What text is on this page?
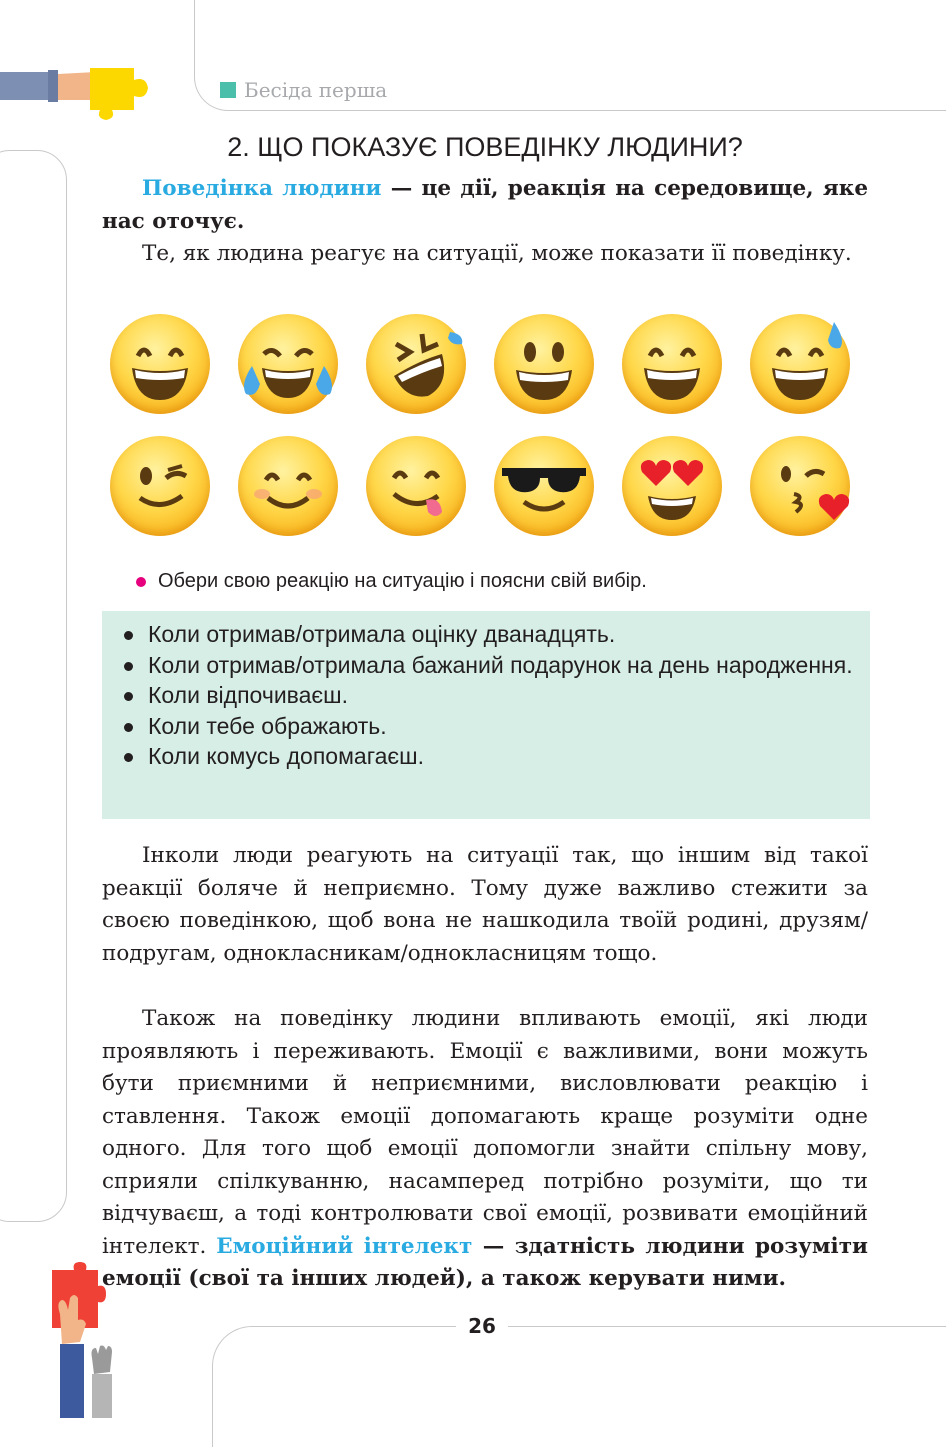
Бесіда перша
2. ЩО ПОКАЗУЄ ПОВЕДІНКУ ЛЮДИНИ?
Поведінка людини — це дії, реакція на середовище, яке нас оточує.
Те, як людина реагує на ситуації, може показати її поведінку.
Обери свою реакцію на ситуацію і поясни свій вибір.
Коли отримав/отримала оцінку дванадцять.
Коли отримав/отримала бажаний подарунок на день народження.
Коли відпочиваєш.
Коли тебе ображають.
Коли комусь допомагаєш.
Інколи люди реагують на ситуації так, що іншим від такої реакції боляче й неприємно. Тому дуже важливо стежити за своєю поведінкою, щоб вона не нашкодила твоїй родині, друзям/подругам, однокласникам/однокласницям тощо.
Також на поведінку людини впливають емоції, які люди проявляють і переживають. Емоції є важливими, вони можуть бути приємними й неприємними, висловлювати реакцію і ставлення. Також емоції допомагають краще розуміти одне одного. Для того щоб емоції допомогли знайти спільну мову, сприяли спілкуванню, насамперед потрібно розуміти, що ти відчуваєш, а тоді контролювати свої емоції, розвивати емоційний інтелект. Емоційний інтелект — здатність людини розуміти емоції (свої та інших людей), а також керувати ними.
26
